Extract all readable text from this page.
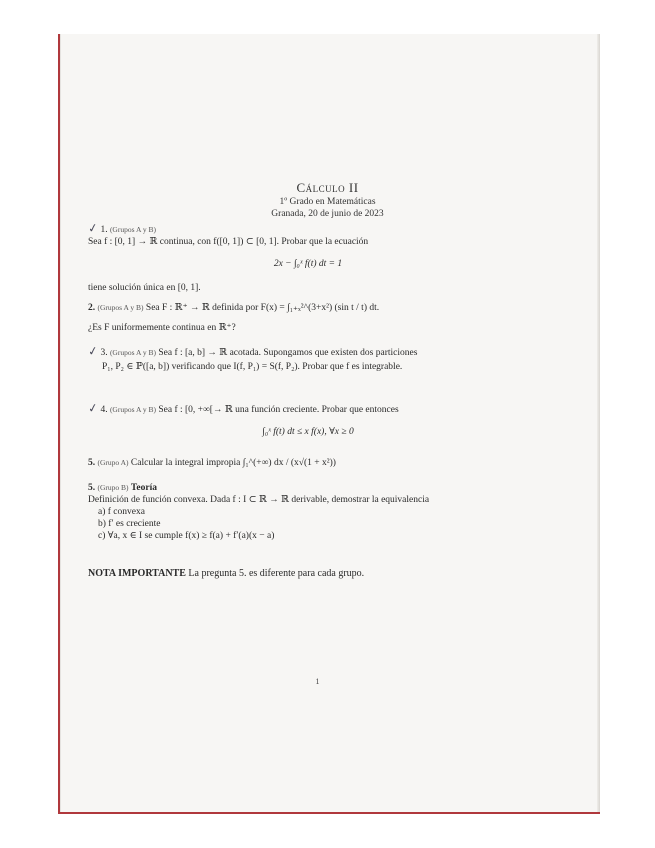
Cálculo II
1º Grado en Matemáticas
Granada, 20 de junio de 2023
✓ 1. (Grupos A y B)
Sea f : [0, 1] → ℝ continua, con f([0, 1]) ⊂ [0, 1]. Probar que la ecuación
2x − ∫₀ˣ f(t) dt = 1
tiene solución única en [0, 1].
2. (Grupos A y B) Sea F : ℝ⁺ → ℝ definida por F(x) = ∫₁₊ₓ²^(3+x²) (sin t / t) dt.
¿Es F uniformemente continua en ℝ⁺?
✓ 3. (Grupos A y B) Sea f : [a, b] → ℝ acotada. Supongamos que existen dos particiones
P₁, P₂ ∈ ℙ([a, b]) verificando que I(f, P₁) = S(f, P₂). Probar que f es integrable.
✓ 4. (Grupos A y B) Sea f : [0, +∞[→ ℝ una función creciente. Probar que entonces
∫₀ˣ f(t) dt ≤ x f(x), ∀x ≥ 0
5. (Grupo A) Calcular la integral impropia ∫₁^(+∞) dx / (x√(1 + x²))
5. (Grupo B) Teoría
Definición de función convexa. Dada f : I ⊂ ℝ → ℝ derivable, demostrar la equivalencia
a) f convexa
b) f′ es creciente
c) ∀a, x ∈ I se cumple f(x) ≥ f(a) + f′(a)(x − a)
NOTA IMPORTANTE La pregunta 5. es diferente para cada grupo.
1
